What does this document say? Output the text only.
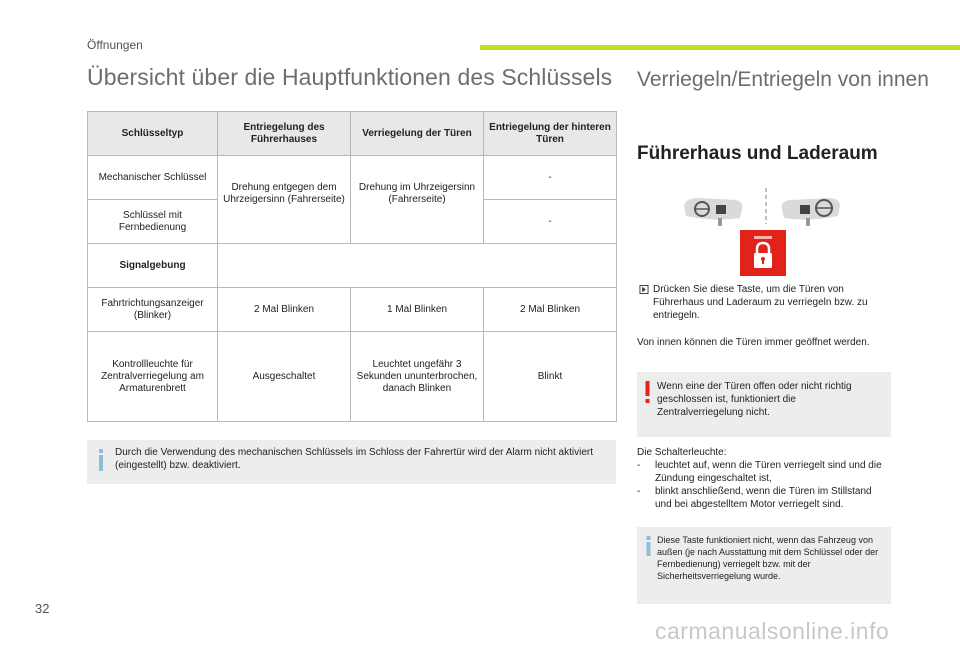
Öffnungen
Übersicht über die Hauptfunktionen des Schlüssels Verriegeln/Entriegeln von innen
Führerhaus und Laderaum
Schlüsseltyp	Entriegelung des Führerhauses	Verriegelung der Türen	Entriegelung der hinteren Türen
Mechanischer Schlüssel	Drehung entgegen dem Uhrzeigersinn (Fahrerseite)	Drehung im Uhrzeigersinn (Fahrerseite)	-
Schlüssel mit Fernbedienung			-
Signalgebung			
Fahrtrichtungsanzeiger (Blinker)	2 Mal Blinken	1 Mal Blinken	2 Mal Blinken
Kontrollleuchte für Zentralverriegelung am Armaturenbrett	Ausgeschaltet	Leuchtet ungefähr 3 Sekunden ununterbrochen, danach Blinken	Blinkt
Durch die Verwendung des mechanischen Schlüssels im Schloss der Fahrertür wird der Alarm nicht aktiviert (eingestellt) bzw. deaktiviert.
Drücken Sie diese Taste, um die Türen von Führerhaus und Laderaum zu verriegeln bzw. zu entriegeln.

Von innen können die Türen immer geöffnet werden.

Wenn eine der Türen offen oder nicht richtig geschlossen ist, funktioniert die Zentralverriegelung nicht.
Die Schalterleuchte:
- leuchtet auf, wenn die Türen verriegelt sind und die Zündung eingeschaltet ist,
- blinkt anschließend, wenn die Türen im Stillstand und bei abgestelltem Motor verriegelt sind.
Diese Taste funktioniert nicht, wenn das Fahrzeug von außen (je nach Ausstattung mit dem Schlüssel oder der Fernbedienung) verriegelt bzw. mit der Sicherheitsverriegelung wurde.
32
carmanualsonline.info
